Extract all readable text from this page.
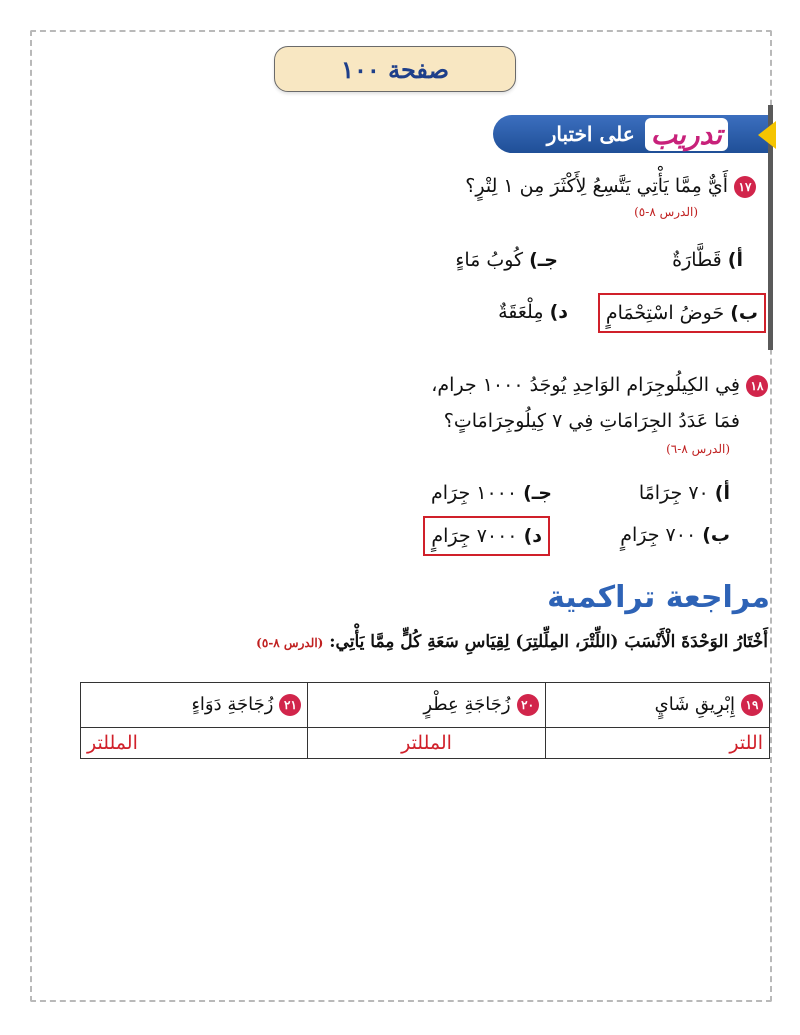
صفحة ١٠٠
على اختبار تدريب
١٧أَيٌّ مِمَّا يَأْتِي يَتَّسِعُ لِأَكْثَرَ مِن ١ لِتْرٍ؟
(الدرس ٨-٥)
أ) قَطَّارَةٌ
جـ) كُوبُ مَاءٍ
ب) حَوضُ اسْتِحْمَامٍ
د) مِلْعَقَةٌ
١٨فِي الكِيلُوجِرَام الوَاحِدِ يُوجَدُ ١٠٠٠ جرام،
فمَا عَدَدُ الجِرَامَاتِ فِي ٧ كِيلُوجِرَامَاتٍ؟
(الدرس ٨-٦)
أ) ٧٠ جِرَامًا
جـ) ١٠٠٠ جِرَام
ب) ٧٠٠ جِرَامٍ
د) ٧٠٠٠ جِرَامٍ
مراجعة تراكمية
أَخْتَارُ الوَحْدَةَ الْأَنْسَبَ (اللِّتْرَ، المِلِّلتِرَ) لِقِيَاسِ سَعَةِ كُلٍّ مِمَّا يَأْتِي: (الدرس ٨-٥)
١٩إِبْرِيقِ شَايٍ	٢٠زُجَاجَةِ عِطْرٍ	٢١زُجَاجَةِ دَوَاءٍ
اللتر	المللتر	المللتر
